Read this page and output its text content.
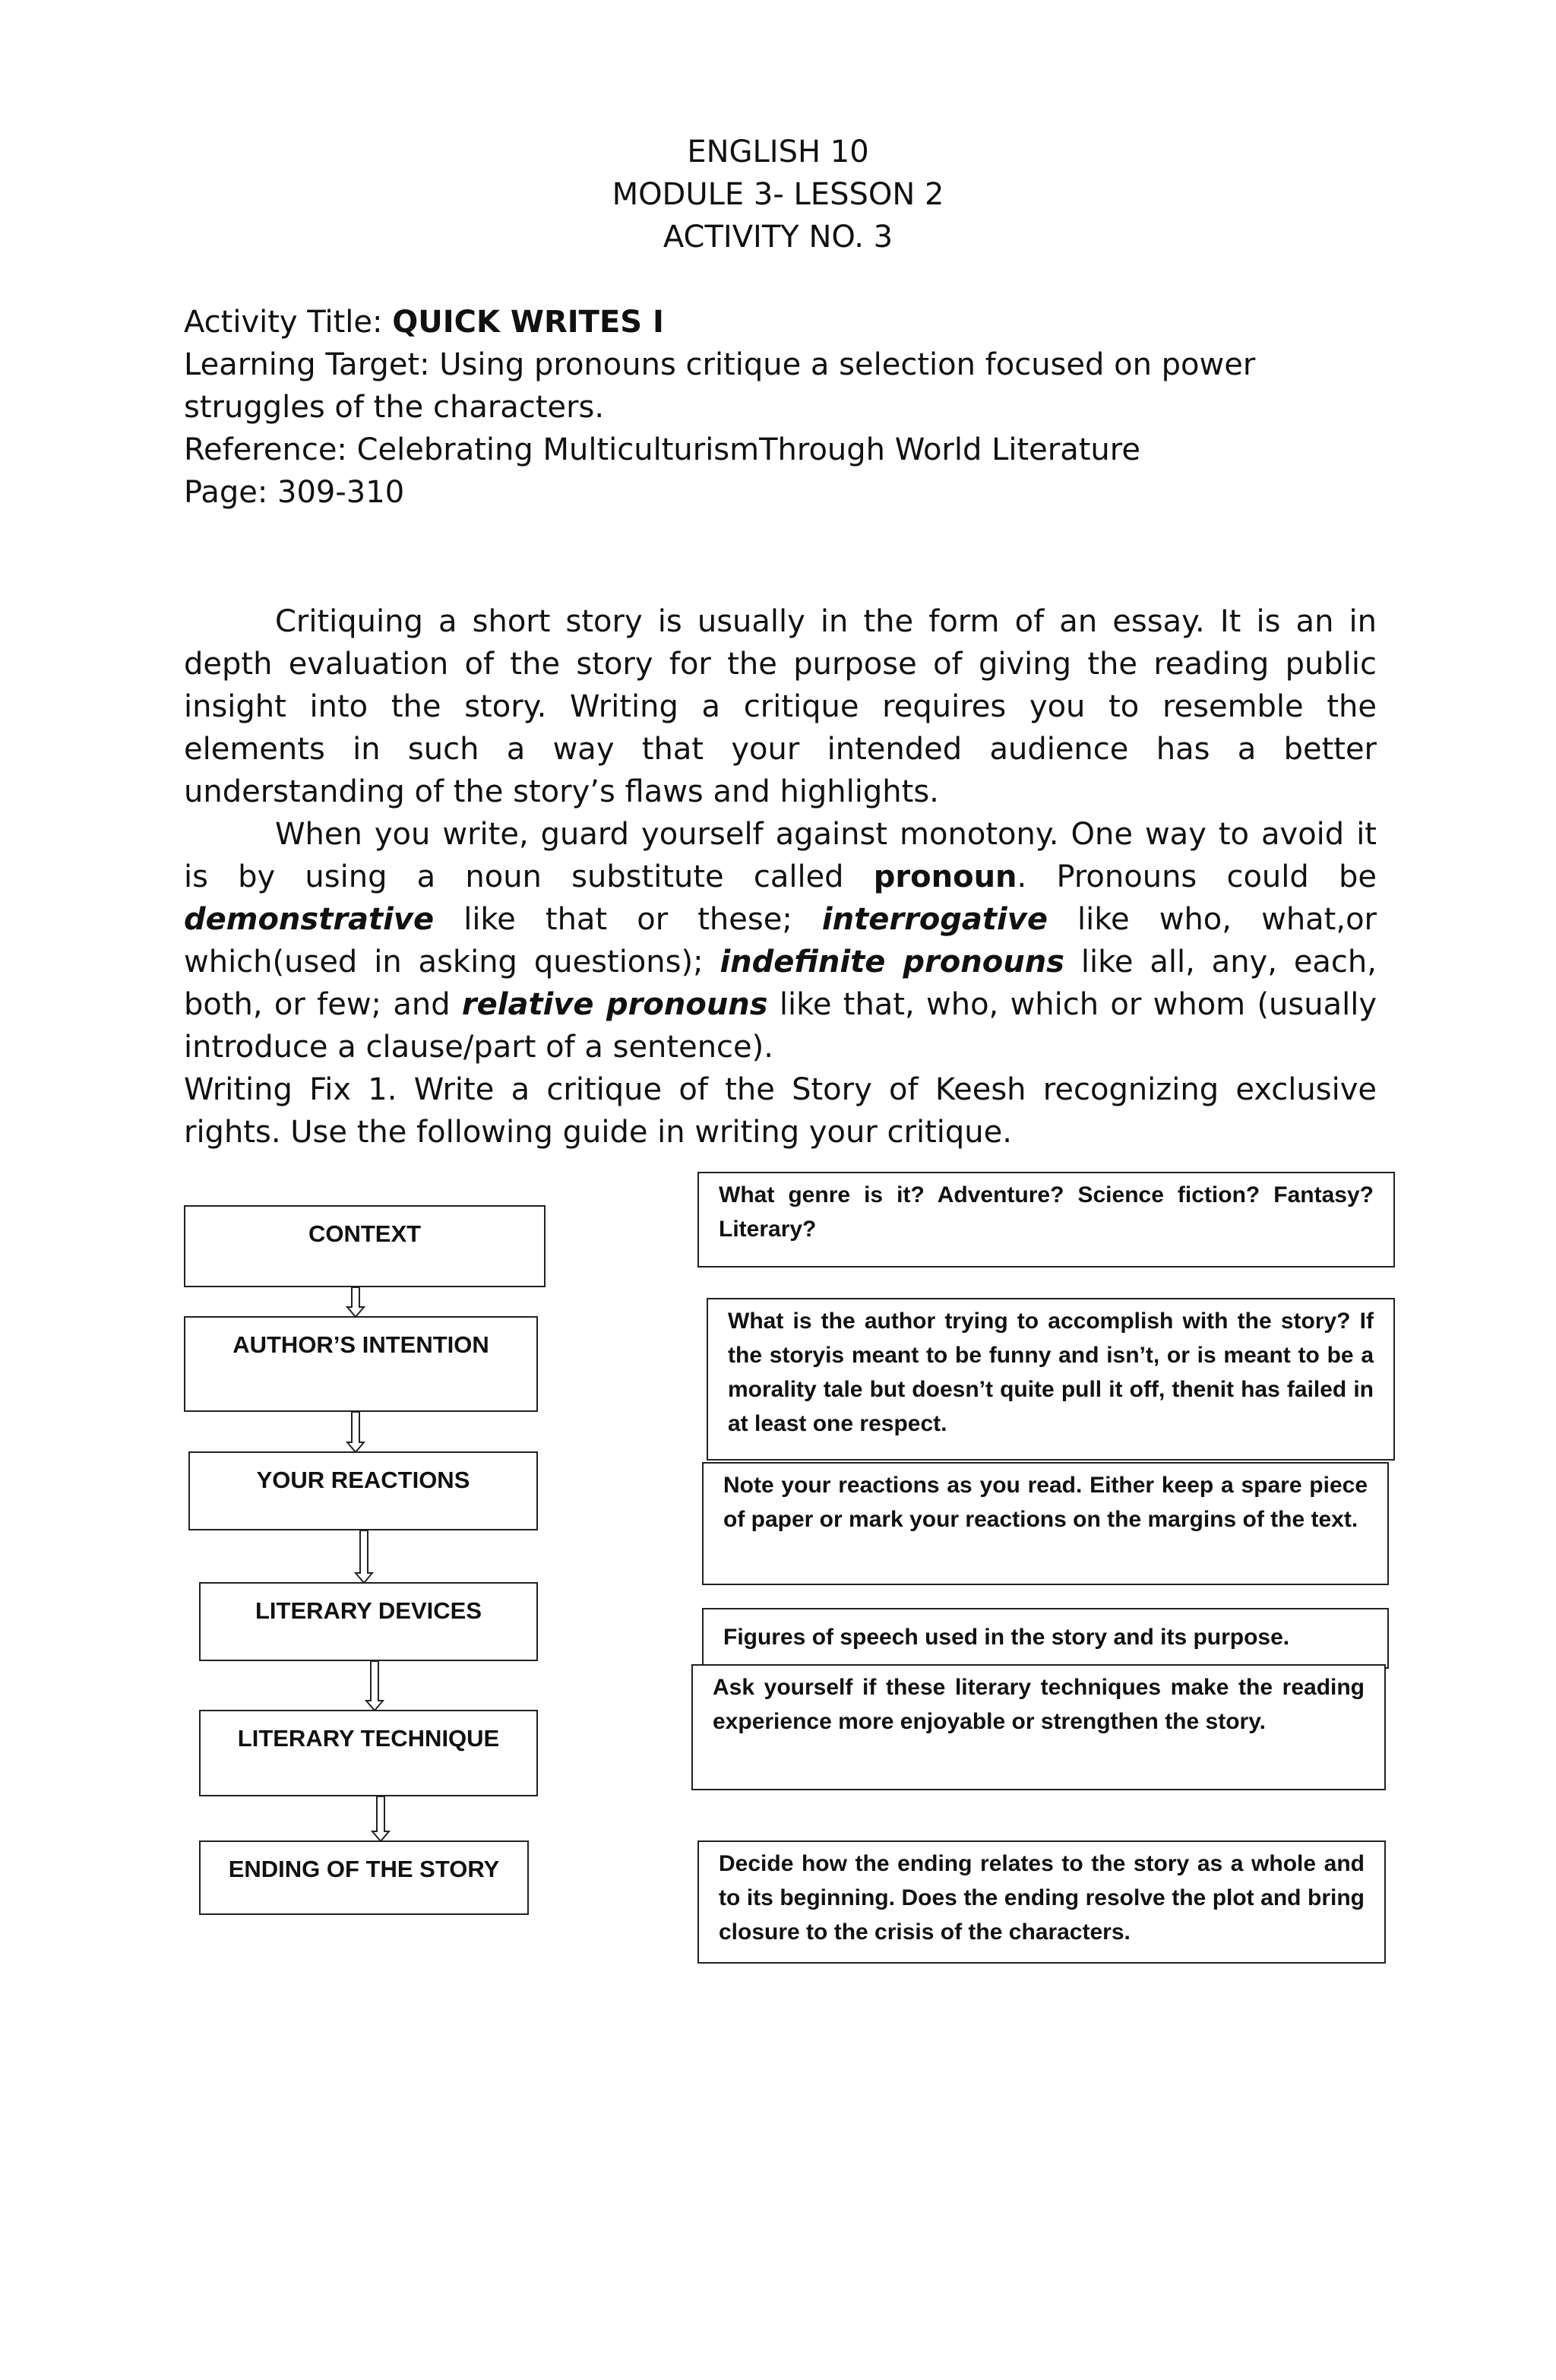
ENGLISH 10
MODULE 3- LESSON 2
ACTIVITY NO. 3
Activity Title: QUICK WRITES I
Learning Target: Using pronouns critique a selection focused on power struggles of the characters.
Reference: Celebrating MulticulturismThrough World Literature
Page: 309-310

Critiquing a short story is usually in the form of an essay. It is an in depth evaluation of the story for the purpose of giving the reading public insight into the story. Writing a critique requires you to resemble the elements in such a way that your intended audience has a better understanding of the story’s flaws and highlights.

When you write, guard yourself against monotony. One way to avoid it is by using a noun substitute called pronoun. Pronouns could be demonstrative like that or these; interrogative like who, what,or which(used in asking questions); indefinite pronouns like all, any, each, both, or few; and relative pronouns like that, who, which or whom (usually introduce a clause/part of a sentence).

Writing Fix 1. Write a critique of the Story of Keesh recognizing exclusive rights. Use the following guide in writing your critique.

CONTEXT
AUTHOR’S INTENTION
YOUR REACTIONS
LITERARY DEVICES
LITERARY TECHNIQUE
ENDING OF THE STORY
What genre is it? Adventure? Science fiction? Fantasy? Literary?
What is the author trying to accomplish with the story? If the storyis meant to be funny and isn’t, or is meant to be a morality tale but doesn’t quite pull it off, thenit has failed in at least one respect.
Note your reactions as you read. Either keep a spare piece of paper or mark your reactions on the margins of the text.
Figures of speech used in the story and its purpose.
Ask yourself if these literary techniques make the reading experience more enjoyable or strengthen the story.
Decide how the ending relates to the story as a whole and to its beginning. Does the ending resolve the plot and bring closure to the crisis of the characters.
